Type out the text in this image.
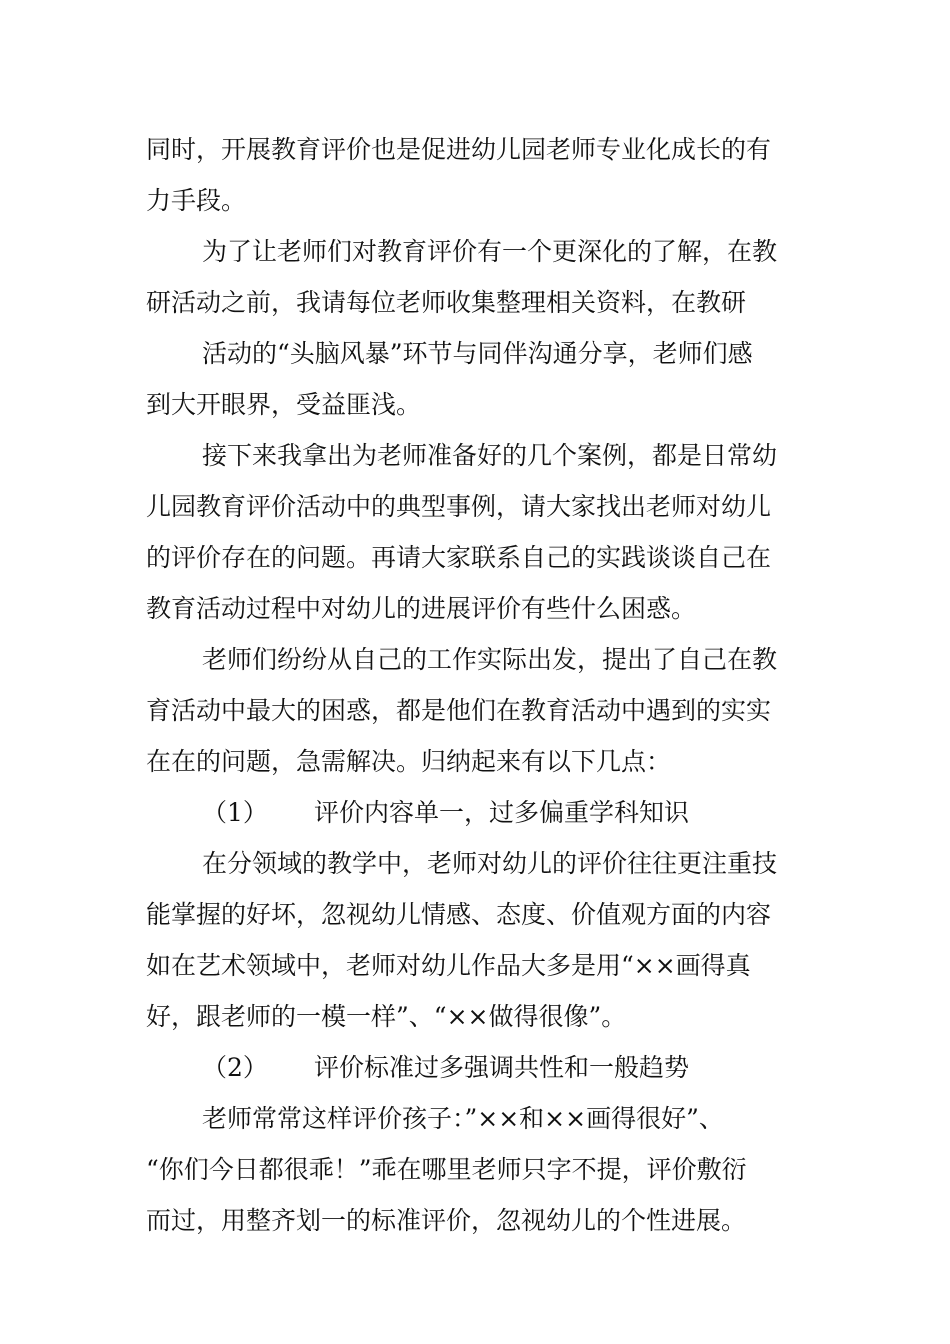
同时，开展教育评价也是促进幼儿园老师专业化成长的有
力手段。
为了让老师们对教育评价有一个更深化的了解，在教
研活动之前，我请每位老师收集整理相关资料，在教研
活动的“头脑风暴”环节与同伴沟通分享，老师们感
到大开眼界，受益匪浅。
接下来我拿出为老师准备好的几个案例，都是日常幼
儿园教育评价活动中的典型事例，请大家找出老师对幼儿
的评价存在的问题。再请大家联系自己的实践谈谈自己在
教育活动过程中对幼儿的进展评价有些什么困惑。
老师们纷纷从自己的工作实际出发，提出了自己在教
育活动中最大的困惑，都是他们在教育活动中遇到的实实
在在的问题，急需解决。归纳起来有以下几点：
（1） 评价内容单一，过多偏重学科知识
在分领域的教学中，老师对幼儿的评价往往更注重技
能掌握的好坏，忽视幼儿情感、态度、价值观方面的内容
如在艺术领域中，老师对幼儿作品大多是用“××画得真
好，跟老师的一模一样”、“××做得很像”。
（2） 评价标准过多强调共性和一般趋势
老师常常这样评价孩子：”××和××画得很好”、
“你们今日都很乖！”乖在哪里老师只字不提，评价敷衍
而过，用整齐划一的标准评价，忽视幼儿的个性进展。
